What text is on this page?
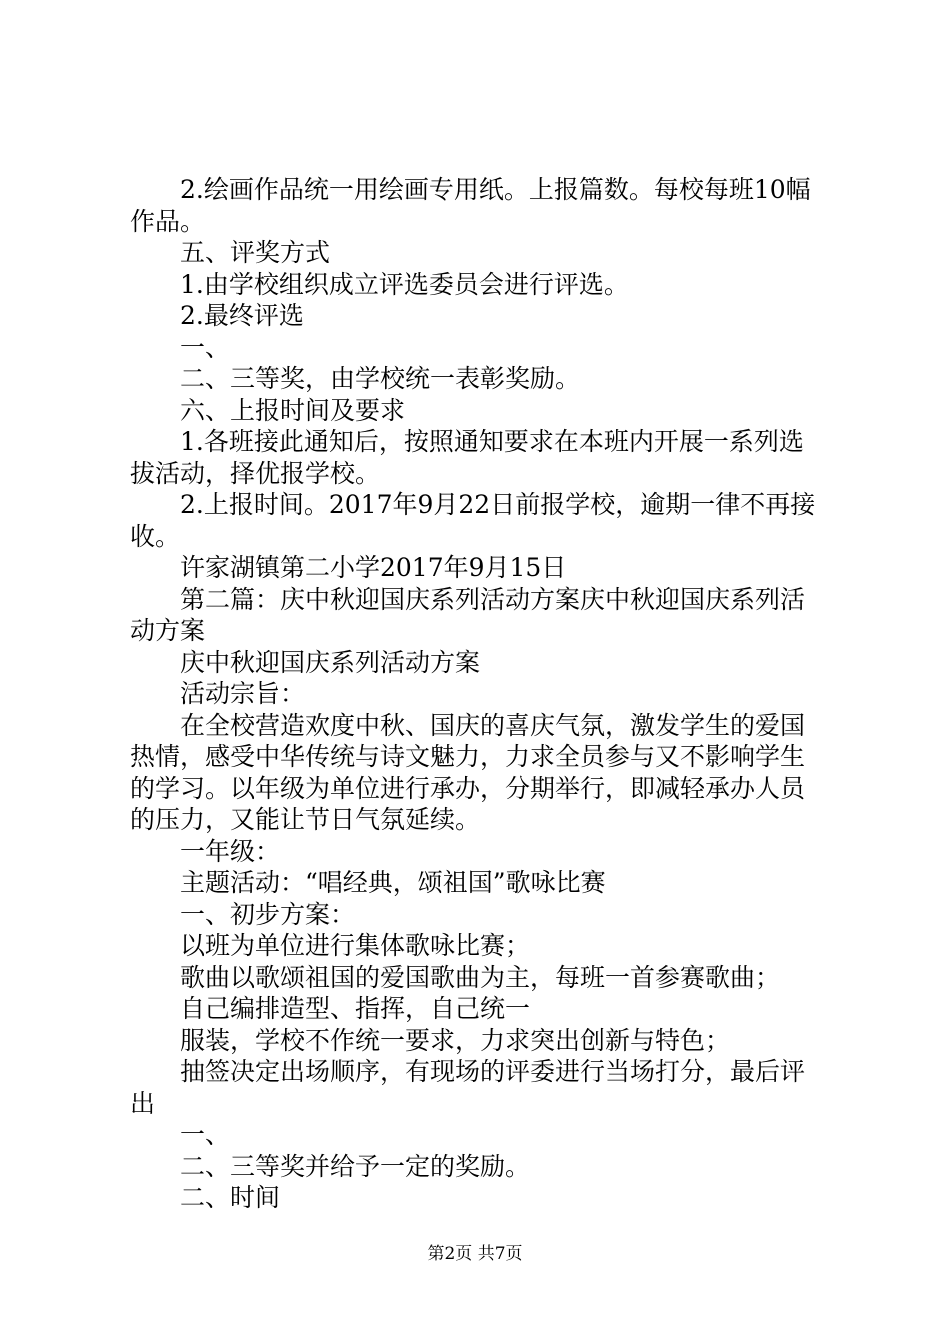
2.绘画作品统一用绘画专用纸。上报篇数。每校每班10幅
作品。
五、评奖方式
1.由学校组织成立评选委员会进行评选。
2.最终评选
一、
二、三等奖，由学校统一表彰奖励。
六、上报时间及要求
1.各班接此通知后，按照通知要求在本班内开展一系列选
拔活动，择优报学校。
2.上报时间。2017年9月22日前报学校，逾期一律不再接
收。
许家湖镇第二小学2017年9月15日
第二篇：庆中秋迎国庆系列活动方案庆中秋迎国庆系列活
动方案
庆中秋迎国庆系列活动方案
活动宗旨：
在全校营造欢度中秋、国庆的喜庆气氛，激发学生的爱国
热情，感受中华传统与诗文魅力，力求全员参与又不影响学生
的学习。以年级为单位进行承办，分期举行，即减轻承办人员
的压力，又能让节日气氛延续。
一年级：
主题活动：“唱经典，颂祖国”歌咏比赛
一、初步方案：
以班为单位进行集体歌咏比赛；
歌曲以歌颂祖国的爱国歌曲为主，每班一首参赛歌曲；
自己编排造型、指挥，自己统一
服装，学校不作统一要求，力求突出创新与特色；
抽签决定出场顺序，有现场的评委进行当场打分，最后评
出
一、
二、三等奖并给予一定的奖励。
二、时间
第2页 共7页
